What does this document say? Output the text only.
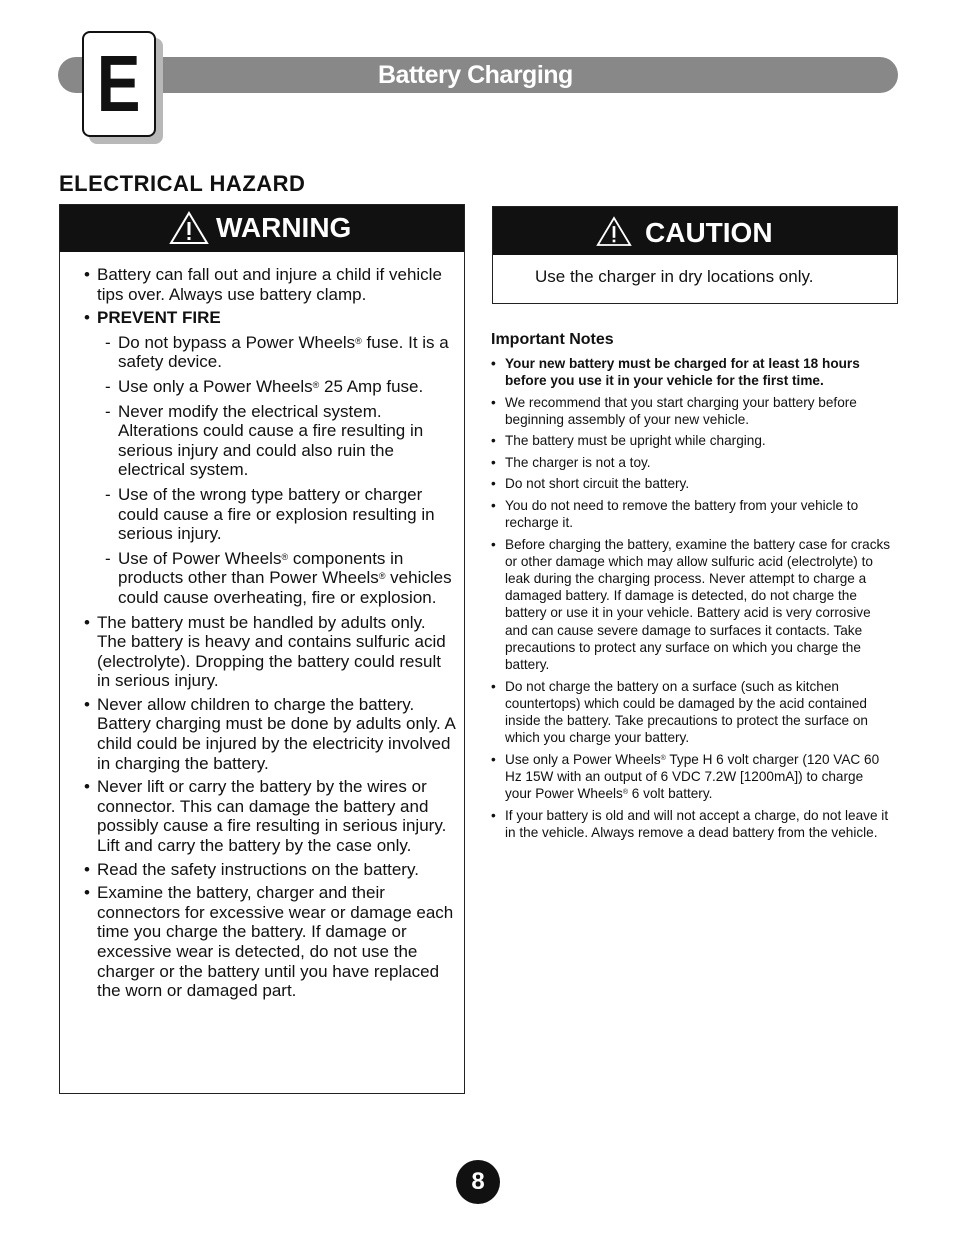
Battery Charging
E
ELECTRICAL HAZARD
WARNING
• Battery can fall out and injure a child if vehicle tips over. Always use battery clamp.
• PREVENT FIRE
- Do not bypass a Power Wheels® fuse. It is a safety device.
- Use only a Power Wheels® 25 Amp fuse.
- Never modify the electrical system. Alterations could cause a fire resulting in serious injury and could also ruin the electrical system.
- Use of the wrong type battery or charger could cause a fire or explosion resulting in serious injury.
- Use of Power Wheels® components in products other than Power Wheels® vehicles could cause overheating, fire or explosion.
• The battery must be handled by adults only. The battery is heavy and contains sulfuric acid (electrolyte). Dropping the battery could result in serious injury.
• Never allow children to charge the battery. Battery charging must be done by adults only. A child could be injured by the electricity involved in charging the battery.
• Never lift or carry the battery by the wires or connector. This can damage the battery and possibly cause a fire resulting in serious injury. Lift and carry the battery by the case only.
• Read the safety instructions on the battery.
• Examine the battery, charger and their connectors for excessive wear or damage each time you charge the battery. If damage or excessive wear is detected, do not use the charger or the battery until you have replaced the worn or damaged part.
CAUTION
Use the charger in dry locations only.
Important Notes
• Your new battery must be charged for at least 18 hours before you use it in your vehicle for the first time.
• We recommend that you start charging your battery before beginning assembly of your new vehicle.
• The battery must be upright while charging.
• The charger is not a toy.
• Do not short circuit the battery.
• You do not need to remove the battery from your vehicle to recharge it.
• Before charging the battery, examine the battery case for cracks or other damage which may allow sulfuric acid (electrolyte) to leak during the charging process. Never attempt to charge a damaged battery. If damage is detected, do not charge the battery or use it in your vehicle. Battery acid is very corrosive and can cause severe damage to surfaces it contacts. Take precautions to protect any surface on which you charge the battery.
• Do not charge the battery on a surface (such as kitchen countertops) which could be damaged by the acid contained inside the battery. Take precautions to protect the surface on which you charge your battery.
• Use only a Power Wheels® Type H 6 volt charger (120 VAC 60 Hz 15W with an output of 6 VDC 7.2W [1200mA]) to charge your Power Wheels® 6 volt battery.
• If your battery is old and will not accept a charge, do not leave it in the vehicle. Always remove a dead battery from the vehicle.
8
